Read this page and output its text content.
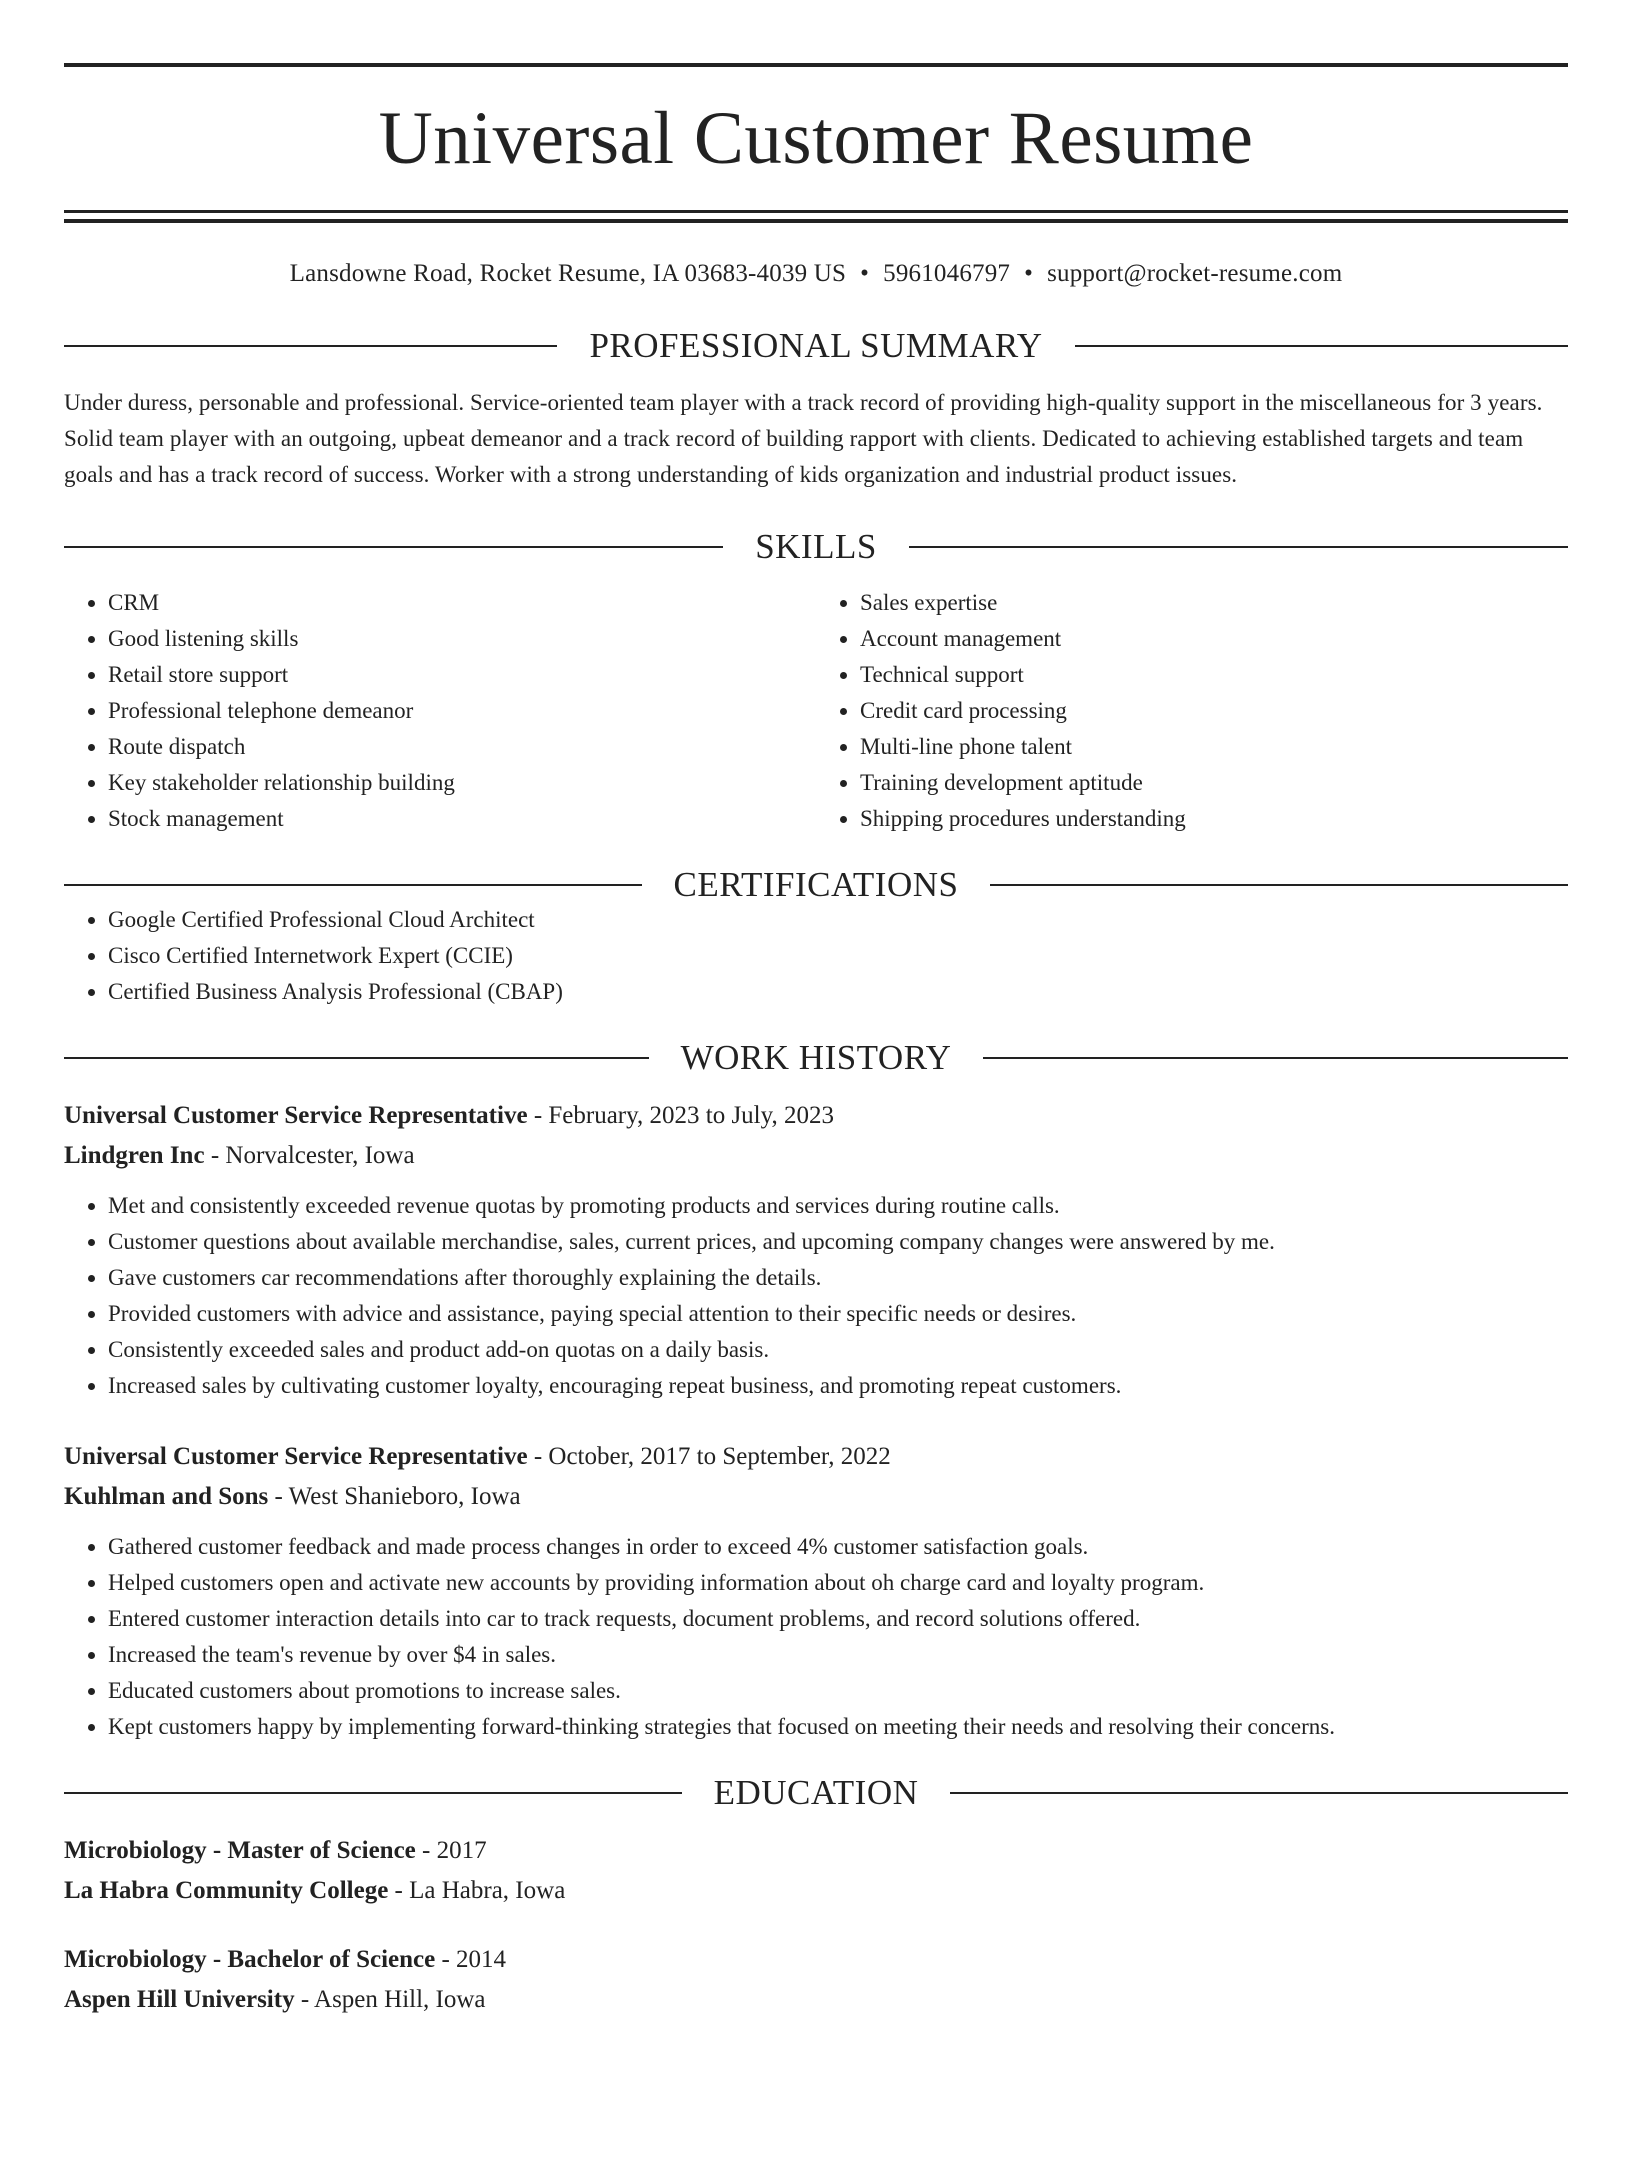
Universal Customer Resume
Lansdowne Road, Rocket Resume, IA 03683-4039 US • 5961046797 • support@rocket-resume.com
PROFESSIONAL SUMMARY

Under duress, personable and professional. Service-oriented team player with a track record of providing high-quality support in the miscellaneous for 3 years. Solid team player with an outgoing, upbeat demeanor and a track record of building rapport with clients. Dedicated to achieving established targets and team goals and has a track record of success. Worker with a strong understanding of kids organization and industrial product issues.

SKILLS
• CRM
• Good listening skills
• Retail store support
• Professional telephone demeanor
• Route dispatch
• Key stakeholder relationship building
• Stock management
• Sales expertise
• Account management
• Technical support
• Credit card processing
• Multi-line phone talent
• Training development aptitude
• Shipping procedures understanding
CERTIFICATIONS
• Google Certified Professional Cloud Architect
• Cisco Certified Internetwork Expert (CCIE)
• Certified Business Analysis Professional (CBAP)
WORK HISTORY
Universal Customer Service Representative - February, 2023 to July, 2023
Lindgren Inc - Norvalcester, Iowa
• Met and consistently exceeded revenue quotas by promoting products and services during routine calls.
• Customer questions about available merchandise, sales, current prices, and upcoming company changes were answered by me.
• Gave customers car recommendations after thoroughly explaining the details.
• Provided customers with advice and assistance, paying special attention to their specific needs or desires.
• Consistently exceeded sales and product add-on quotas on a daily basis.
• Increased sales by cultivating customer loyalty, encouraging repeat business, and promoting repeat customers.
Universal Customer Service Representative - October, 2017 to September, 2022
Kuhlman and Sons - West Shanieboro, Iowa
• Gathered customer feedback and made process changes in order to exceed 4% customer satisfaction goals.
• Helped customers open and activate new accounts by providing information about oh charge card and loyalty program.
• Entered customer interaction details into car to track requests, document problems, and record solutions offered.
• Increased the team's revenue by over $4 in sales.
• Educated customers about promotions to increase sales.
• Kept customers happy by implementing forward-thinking strategies that focused on meeting their needs and resolving their concerns.
EDUCATION
Microbiology - Master of Science - 2017
La Habra Community College - La Habra, Iowa
Microbiology - Bachelor of Science - 2014
Aspen Hill University - Aspen Hill, Iowa
